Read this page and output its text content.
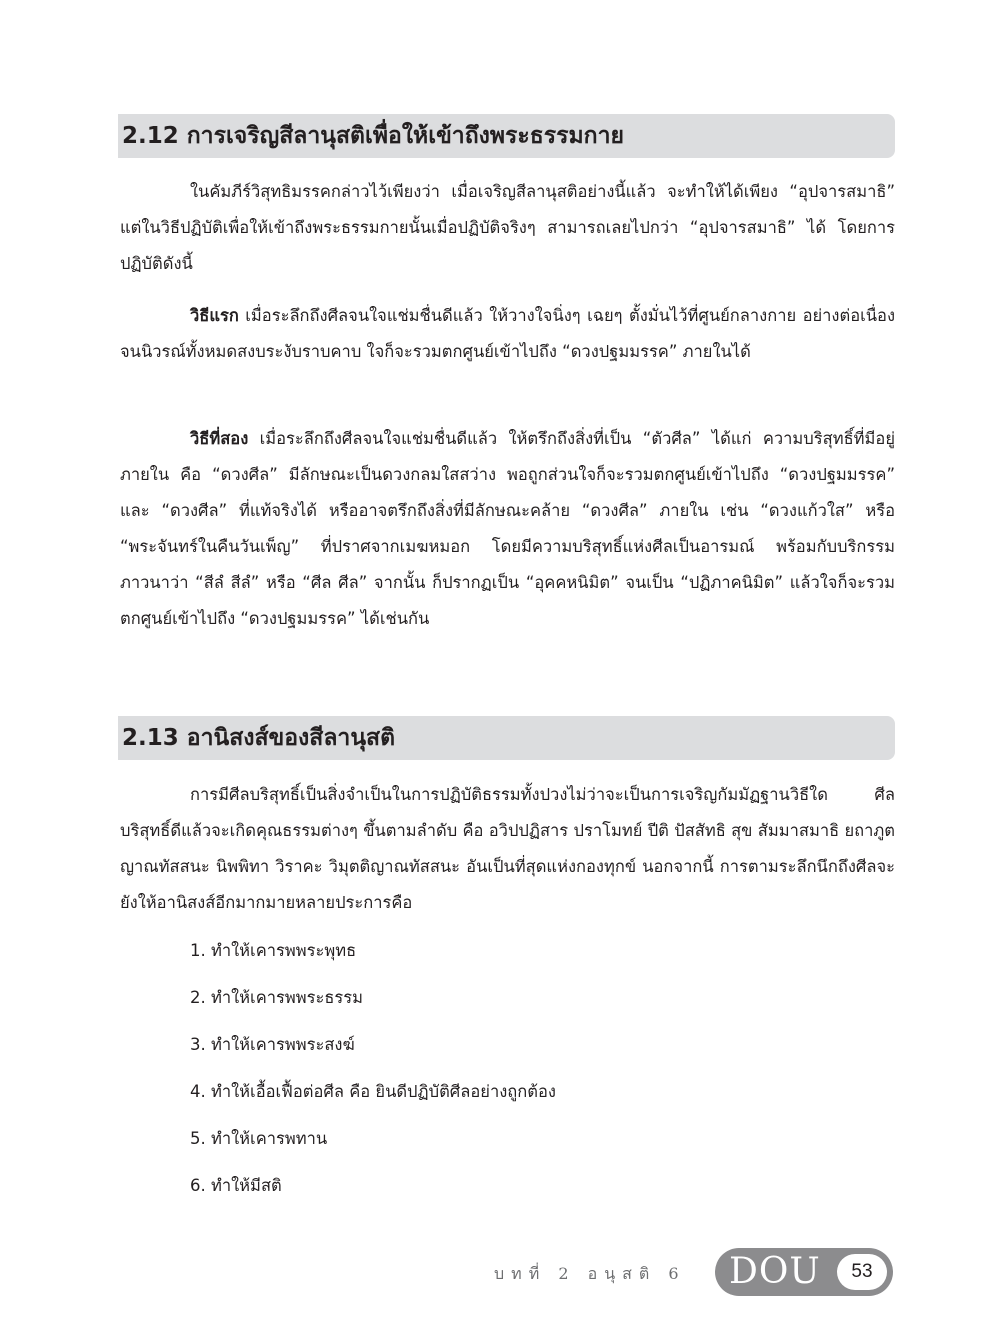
2.12 การเจริญสีลานุสติเพื่อให้เข้าถึงพระธรรมกาย

ในคัมภีร์วิสุทธิมรรคกล่าวไว้เพียงว่า เมื่อเจริญสีลานุสติอย่างนี้แล้ว จะทำให้ได้เพียง “อุปจารสมาธิ” แต่ในวิธีปฏิบัติเพื่อให้เข้าถึงพระธรรมกายนั้นเมื่อปฏิบัติจริงๆ สามารถเลยไปกว่า “อุปจารสมาธิ” ได้ โดยการปฏิบัติดังนี้

วิธีแรก เมื่อระลึกถึงศีลจนใจแช่มชื่นดีแล้ว ให้วางใจนิ่งๆ เฉยๆ ตั้งมั่นไว้ที่ศูนย์กลางกาย อย่างต่อเนื่อง จนนิวรณ์ทั้งหมดสงบระงับราบคาบ ใจก็จะรวมตกศูนย์เข้าไปถึง “ดวงปฐมมรรค” ภายในได้

วิธีที่สอง เมื่อระลึกถึงศีลจนใจแช่มชื่นดีแล้ว ให้ตรึกถึงสิ่งที่เป็น “ตัวศีล” ได้แก่ ความบริสุทธิ์ที่มีอยู่ภายใน คือ “ดวงศีล” มีลักษณะเป็นดวงกลมใสสว่าง พอถูกส่วนใจก็จะรวมตกศูนย์เข้าไปถึง “ดวงปฐมมรรค” และ “ดวงศีล” ที่แท้จริงได้ หรืออาจตรึกถึงสิ่งที่มีลักษณะคล้าย “ดวงศีล” ภายใน เช่น “ดวงแก้วใส” หรือ “พระจันทร์ในคืนวันเพ็ญ” ที่ปราศจากเมฆหมอก โดยมีความบริสุทธิ์แห่งศีลเป็นอารมณ์ พร้อมกับบริกรรมภาวนาว่า “สีลํ สีลํ” หรือ “ศีล ศีล” จากนั้น ก็ปรากฏเป็น “อุคคหนิมิต” จนเป็น “ปฏิภาคนิมิต” แล้วใจก็จะรวมตกศูนย์เข้าไปถึง “ดวงปฐมมรรค” ได้เช่นกัน

2.13 อานิสงส์ของสีลานุสติ

การมีศีลบริสุทธิ์เป็นสิ่งจำเป็นในการปฏิบัติธรรมทั้งปวงไม่ว่าจะเป็นการเจริญกัมมัฏฐานวิธีใด ศีลบริสุทธิ์ดีแล้วจะเกิดคุณธรรมต่างๆ ขึ้นตามลำดับ คือ อวิปปฏิสาร ปราโมทย์ ปีติ ปัสสัทธิ สุข สัมมาสมาธิ ยถาภูตญาณทัสสนะ นิพพิทา วิราคะ วิมุตติญาณทัสสนะ อันเป็นที่สุดแห่งกองทุกข์ นอกจากนี้ การตามระลึกนึกถึงศีลจะยังให้อานิสงส์อีกมากมายหลายประการคือ

1. ทำให้เคารพพระพุทธ
2. ทำให้เคารพพระธรรม
3. ทำให้เคารพพระสงฆ์
4. ทำให้เอื้อเฟื้อต่อศีล คือ ยินดีปฏิบัติศีลอย่างถูกต้อง
5. ทำให้เคารพทาน
6. ทำให้มีสติ
บทที่ 2 อนุสติ 6 DOU	53
